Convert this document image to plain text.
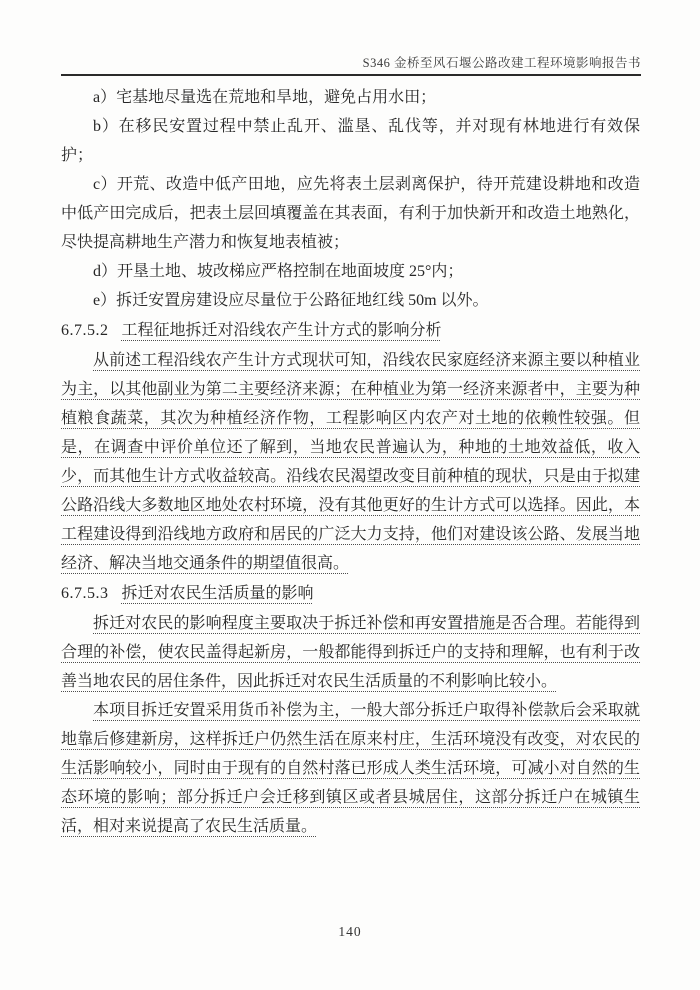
S346 金桥至风石堰公路改建工程环境影响报告书

a）宅基地尽量选在荒地和旱地，避免占用水田；

b）在移民安置过程中禁止乱开、滥垦、乱伐等，并对现有林地进行有效保护；

c）开荒、改造中低产田地，应先将表土层剥离保护，待开荒建设耕地和改造中低产田完成后，把表土层回填覆盖在其表面，有利于加快新开和改造土地熟化，尽快提高耕地生产潜力和恢复地表植被；

d）开垦土地、坡改梯应严格控制在地面坡度 25°内；

e）拆迁安置房建设应尽量位于公路征地红线 50m 以外。

6.7.5.2 工程征地拆迁对沿线农产生计方式的影响分析

从前述工程沿线农产生计方式现状可知，沿线农民家庭经济来源主要以种植业为主，以其他副业为第二主要经济来源；在种植业为第一经济来源者中，主要为种植粮食蔬菜，其次为种植经济作物，工程影响区内农产对土地的依赖性较强。但是，在调查中评价单位还了解到，当地农民普遍认为，种地的土地效益低，收入少，而其他生计方式收益较高。沿线农民渴望改变目前种植的现状，只是由于拟建公路沿线大多数地区地处农村环境，没有其他更好的生计方式可以选择。因此，本工程建设得到沿线地方政府和居民的广泛大力支持，他们对建设该公路、发展当地经济、解决当地交通条件的期望值很高。

6.7.5.3 拆迁对农民生活质量的影响

拆迁对农民的影响程度主要取决于拆迁补偿和再安置措施是否合理。若能得到合理的补偿，使农民盖得起新房，一般都能得到拆迁户的支持和理解，也有利于改善当地农民的居住条件，因此拆迁对农民生活质量的不利影响比较小。

本项目拆迁安置采用货币补偿为主，一般大部分拆迁户取得补偿款后会采取就地靠后修建新房，这样拆迁户仍然生活在原来村庄，生活环境没有改变，对农民的生活影响较小，同时由于现有的自然村落已形成人类生活环境，可减小对自然的生态环境的影响；部分拆迁户会迁移到镇区或者县城居住，这部分拆迁户在城镇生活，相对来说提高了农民生活质量。

140
